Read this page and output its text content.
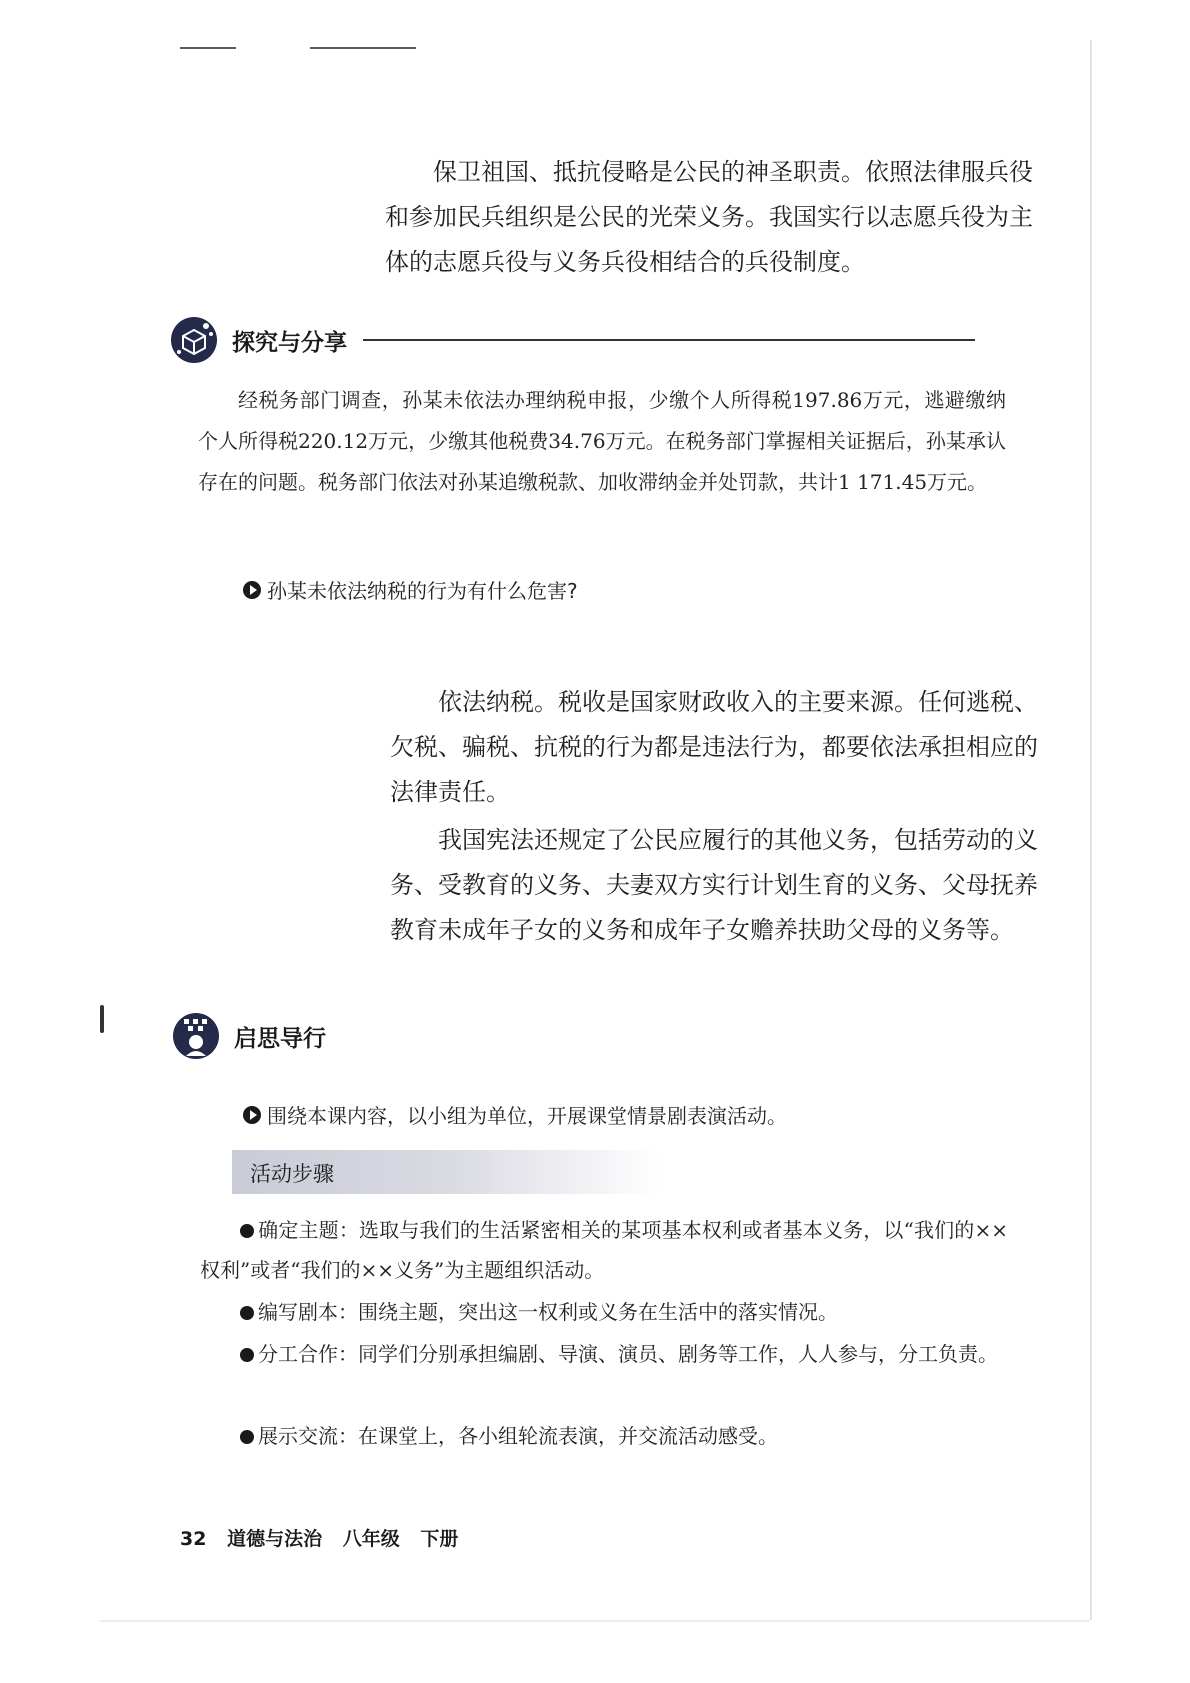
保卫祖国、抵抗侵略是公民的神圣职责。依照法律服兵役和参加民兵组织是公民的光荣义务。我国实行以志愿兵役为主体的志愿兵役与义务兵役相结合的兵役制度。

探究与分享

经税务部门调查，孙某未依法办理纳税申报，少缴个人所得税197.86万元，逃避缴纳个人所得税220.12万元，少缴其他税费34.76万元。在税务部门掌握相关证据后，孙某承认存在的问题。税务部门依法对孙某追缴税款、加收滞纳金并处罚款，共计1 171.45万元。

孙某未依法纳税的行为有什么危害?

依法纳税。税收是国家财政收入的主要来源。任何逃税、欠税、骗税、抗税的行为都是违法行为，都要依法承担相应的法律责任。

我国宪法还规定了公民应履行的其他义务，包括劳动的义务、受教育的义务、夫妻双方实行计划生育的义务、父母抚养教育未成年子女的义务和成年子女赡养扶助父母的义务等。

启思导行
围绕本课内容，以小组为单位，开展课堂情景剧表演活动。
活动步骤

确定主题：选取与我们的生活紧密相关的某项基本权利或者基本义务，以“我们的××权利”或者“我们的××义务”为主题组织活动。

编写剧本：围绕主题，突出这一权利或义务在生活中的落实情况。

分工合作：同学们分别承担编剧、导演、演员、剧务等工作，人人参与，分工负责。

展示交流：在课堂上，各小组轮流表演，并交流活动感受。

32 道德与法治 八年级 下册
